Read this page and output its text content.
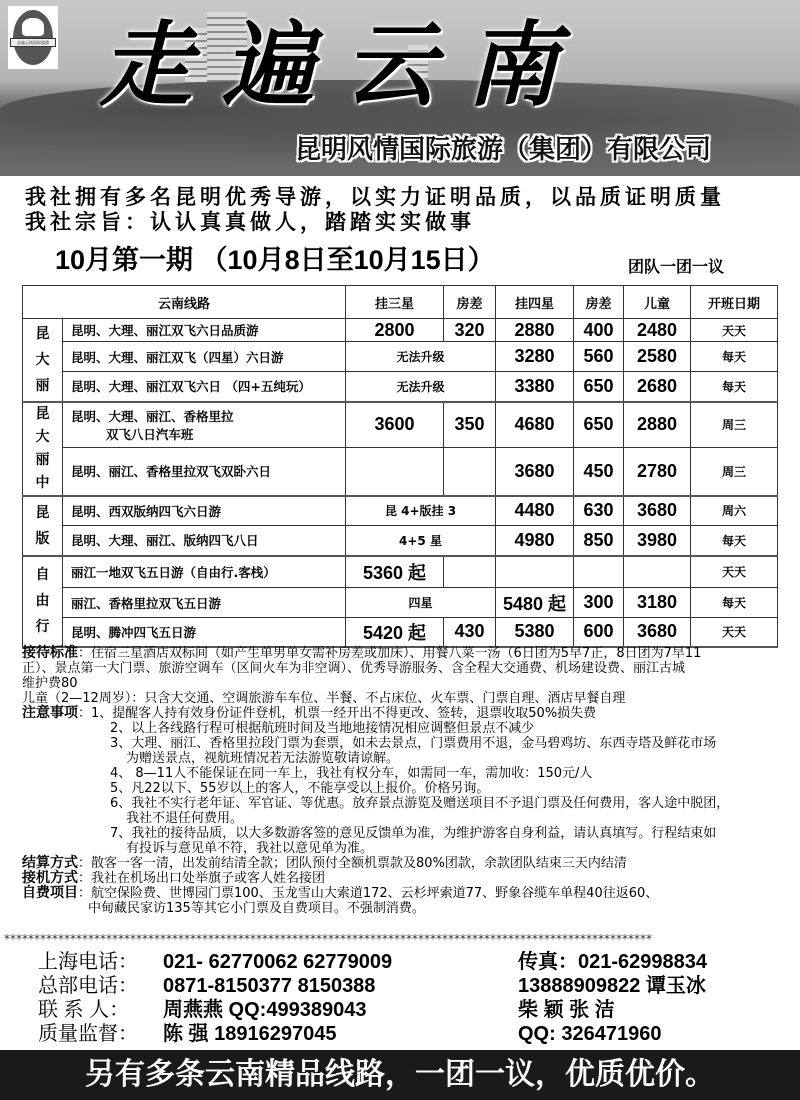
走遍云南国际旅游 走遍云南
昆明风情国际旅游（集团）有限公司
我社拥有多名昆明优秀导游，以实力证明品质，以品质证明质量
我社宗旨：认认真真做人，踏踏实实做事
10月第一期 （10月8日至10月15日）	团队一团一议
云南线路		挂三星	房差	挂四星	房差	儿童	开班日期
昆大丽	昆明、大理、丽江双飞六日品质游	2800	320	2880	400	2480	天天
	昆明、大理、丽江双飞（四星）六日游	无法升级		3280	560	2580	每天
	昆明、大理、丽江双飞六日 （四+五纯玩）	无法升级		3380	650	2680	每天
昆大丽中	昆明、大理、丽江、香格里拉
双飞八日汽车班	3600	350	4680	650	2880	周三
	昆明、丽江、香格里拉双飞双卧六日			3680	450	2780	周三
昆版	昆明、西双版纳四飞六日游	昆 4+版挂 3		4480	630	3680	周六
	昆明、大理、丽江、版纳四飞八日	4+5 星		4980	850	3980	每天
自由行	丽江一地双飞五日游（自由行.客栈）	5360 起					天天
	丽江、香格里拉双飞五日游	四星		5480 起	300	3180	每天
	昆明、腾冲四飞五日游	5420 起	430	5380	600	3680	天天
接待标准：住宿三星酒店双标间（如产生单男单女需补房差或加床）、用餐八菜一汤（6日团为5早7正，8日团为7早11
正）、景点第一大门票、旅游空调车（区间火车为非空调）、优秀导游服务、含全程大交通费、机场建设费、丽江古城
维护费80
儿童（2—12周岁）：只含大交通、空调旅游车车位、半餐、不占床位、火车票、门票自理、酒店早餐自理
注意事项：1、提醒客人持有效身份证件登机，机票一经开出不得更改、签转，退票收取50%损失费
2、以上各线路行程可根据航班时间及当地地接情况相应调整但景点不减少
3、大理、丽江、香格里拉段门票为套票，如未去景点，门票费用不退，金马碧鸡坊、东西寺塔及鲜花市场
为赠送景点，视航班情况若无法游览敬请谅解。
4、 8—11人不能保证在同一车上，我社有权分车，如需同一车，需加收：150元/人
5、凡22以下、55岁以上的客人，不能享受以上报价。价格另询。
6、我社不实行老年证、军官证、等优惠。放弃景点游览及赠送项目不予退门票及任何费用，客人途中脱团，
我社不退任何费用。
7、我社的接待品质，以大多数游客签的意见反馈单为准，为维护游客自身利益，请认真填写。行程结束如
有投诉与意见单不符，我社以意见单为准。
结算方式：散客一客一清，出发前结清全款；团队预付全额机票款及80%团款，余款团队结束三天内结清
接机方式：我社在机场出口处举旗子或客人姓名接团
自费项目：航空保险费、世博园门票100、玉龙雪山大索道172、云杉坪索道77、野象谷缆车单程40往返60、
中甸藏民家访135等其它小门票及自费项目。不强制消费。
************************************************************************************************************
上海电话：	021- 62770062 62779009	传真：021-62998834
总部电话：	0871-8150377 8150388	13888909822 谭玉冰
联 系 人：	周燕燕 QQ:499389043	柴 颖 张 洁
质量监督：	陈 强 18916297045	QQ: 326471960
另有多条云南精品线路，一团一议，优质优价。
